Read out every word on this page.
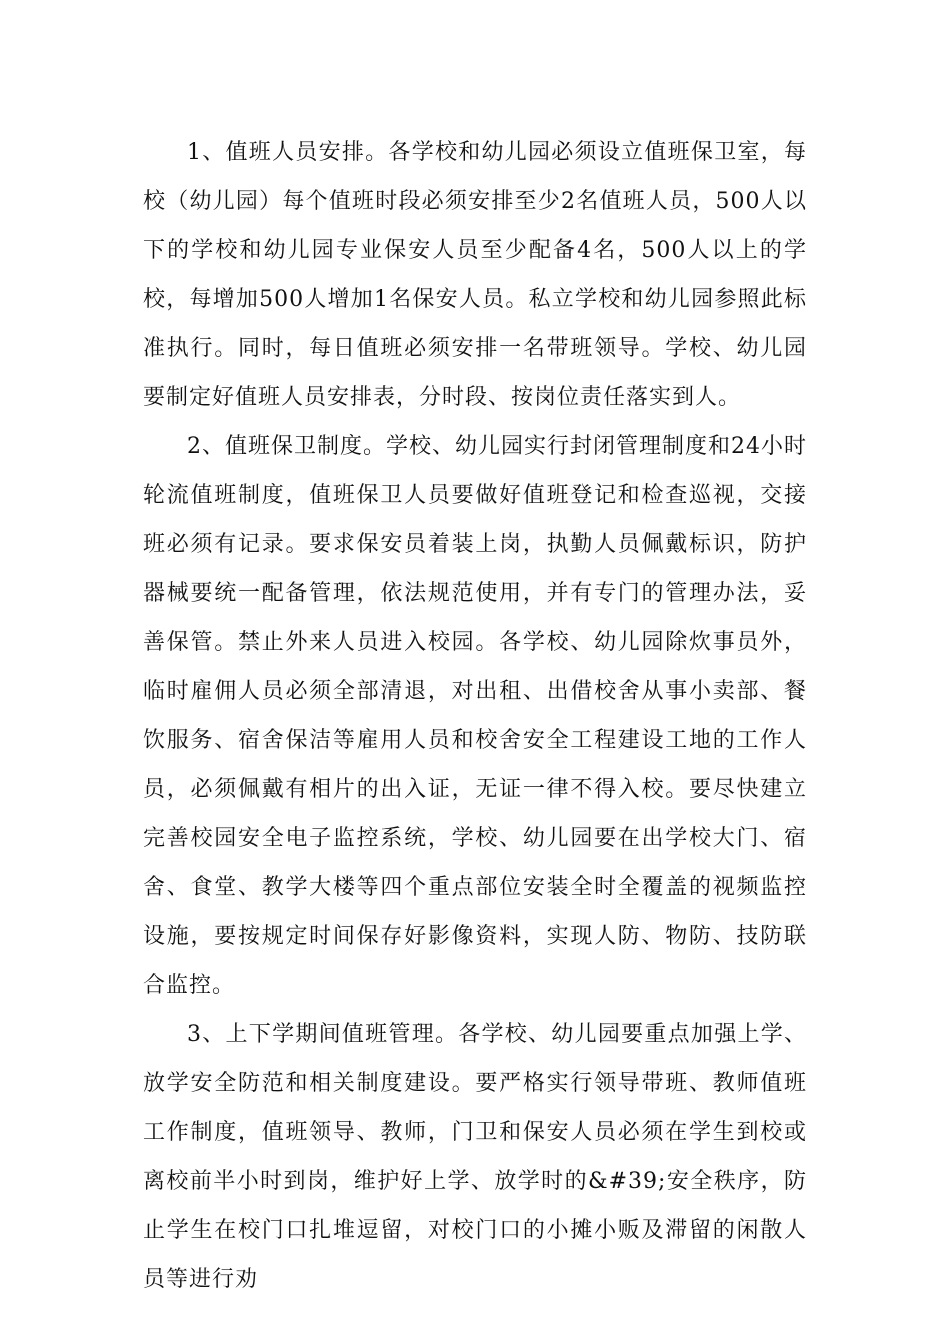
1、值班人员安排。各学校和幼儿园必须设立值班保卫室，每校（幼儿园）每个值班时段必须安排至少2名值班人员，500人以下的学校和幼儿园专业保安人员至少配备4名，500人以上的学校，每增加500人增加1名保安人员。私立学校和幼儿园参照此标准执行。同时，每日值班必须安排一名带班领导。学校、幼儿园要制定好值班人员安排表，分时段、按岗位责任落实到人。

2、值班保卫制度。学校、幼儿园实行封闭管理制度和24小时轮流值班制度，值班保卫人员要做好值班登记和检查巡视，交接班必须有记录。要求保安员着装上岗，执勤人员佩戴标识，防护器械要统一配备管理，依法规范使用，并有专门的管理办法，妥善保管。禁止外来人员进入校园。各学校、幼儿园除炊事员外，临时雇佣人员必须全部清退，对出租、出借校舍从事小卖部、餐饮服务、宿舍保洁等雇用人员和校舍安全工程建设工地的工作人员，必须佩戴有相片的出入证，无证一律不得入校。要尽快建立完善校园安全电子监控系统，学校、幼儿园要在出学校大门、宿舍、食堂、教学大楼等四个重点部位安装全时全覆盖的视频监控设施，要按规定时间保存好影像资料，实现人防、物防、技防联合监控。

3、上下学期间值班管理。各学校、幼儿园要重点加强上学、放学安全防范和相关制度建设。要严格实行领导带班、教师值班工作制度，值班领导、教师，门卫和保安人员必须在学生到校或离校前半小时到岗，维护好上学、放学时的&#39;安全秩序，防止学生在校门口扎堆逗留，对校门口的小摊小贩及滞留的闲散人员等进行劝
